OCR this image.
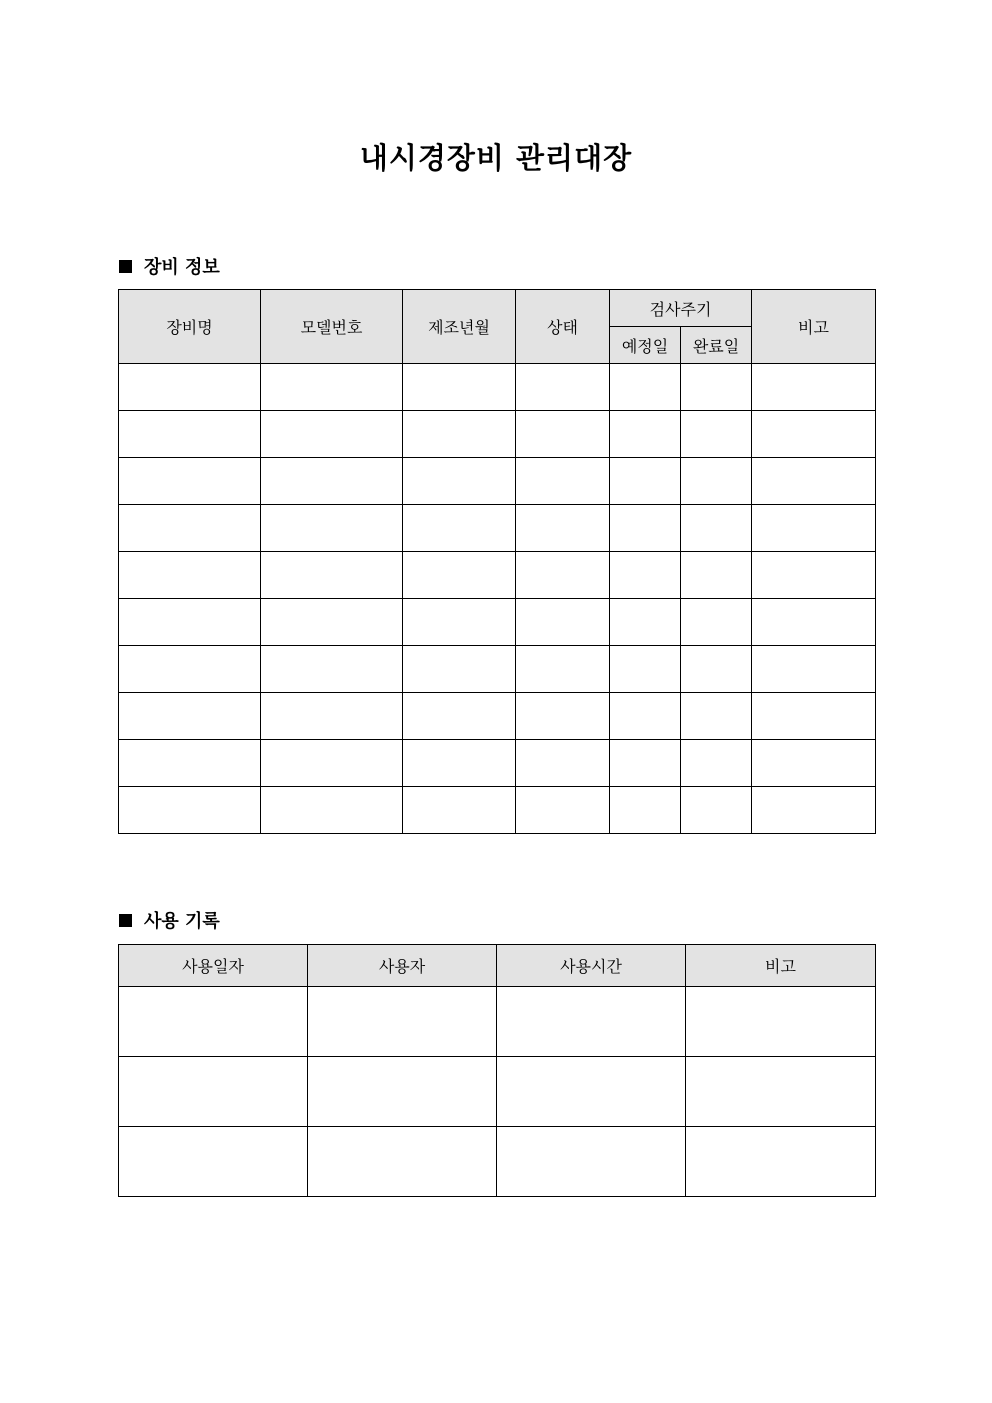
내시경장비 관리대장
장비 정보
장비명	모델번호	제조년월	상태	검사주기		비고
				예정일	완료일	

사용 기록
사용일자	사용자	사용시간	비고
